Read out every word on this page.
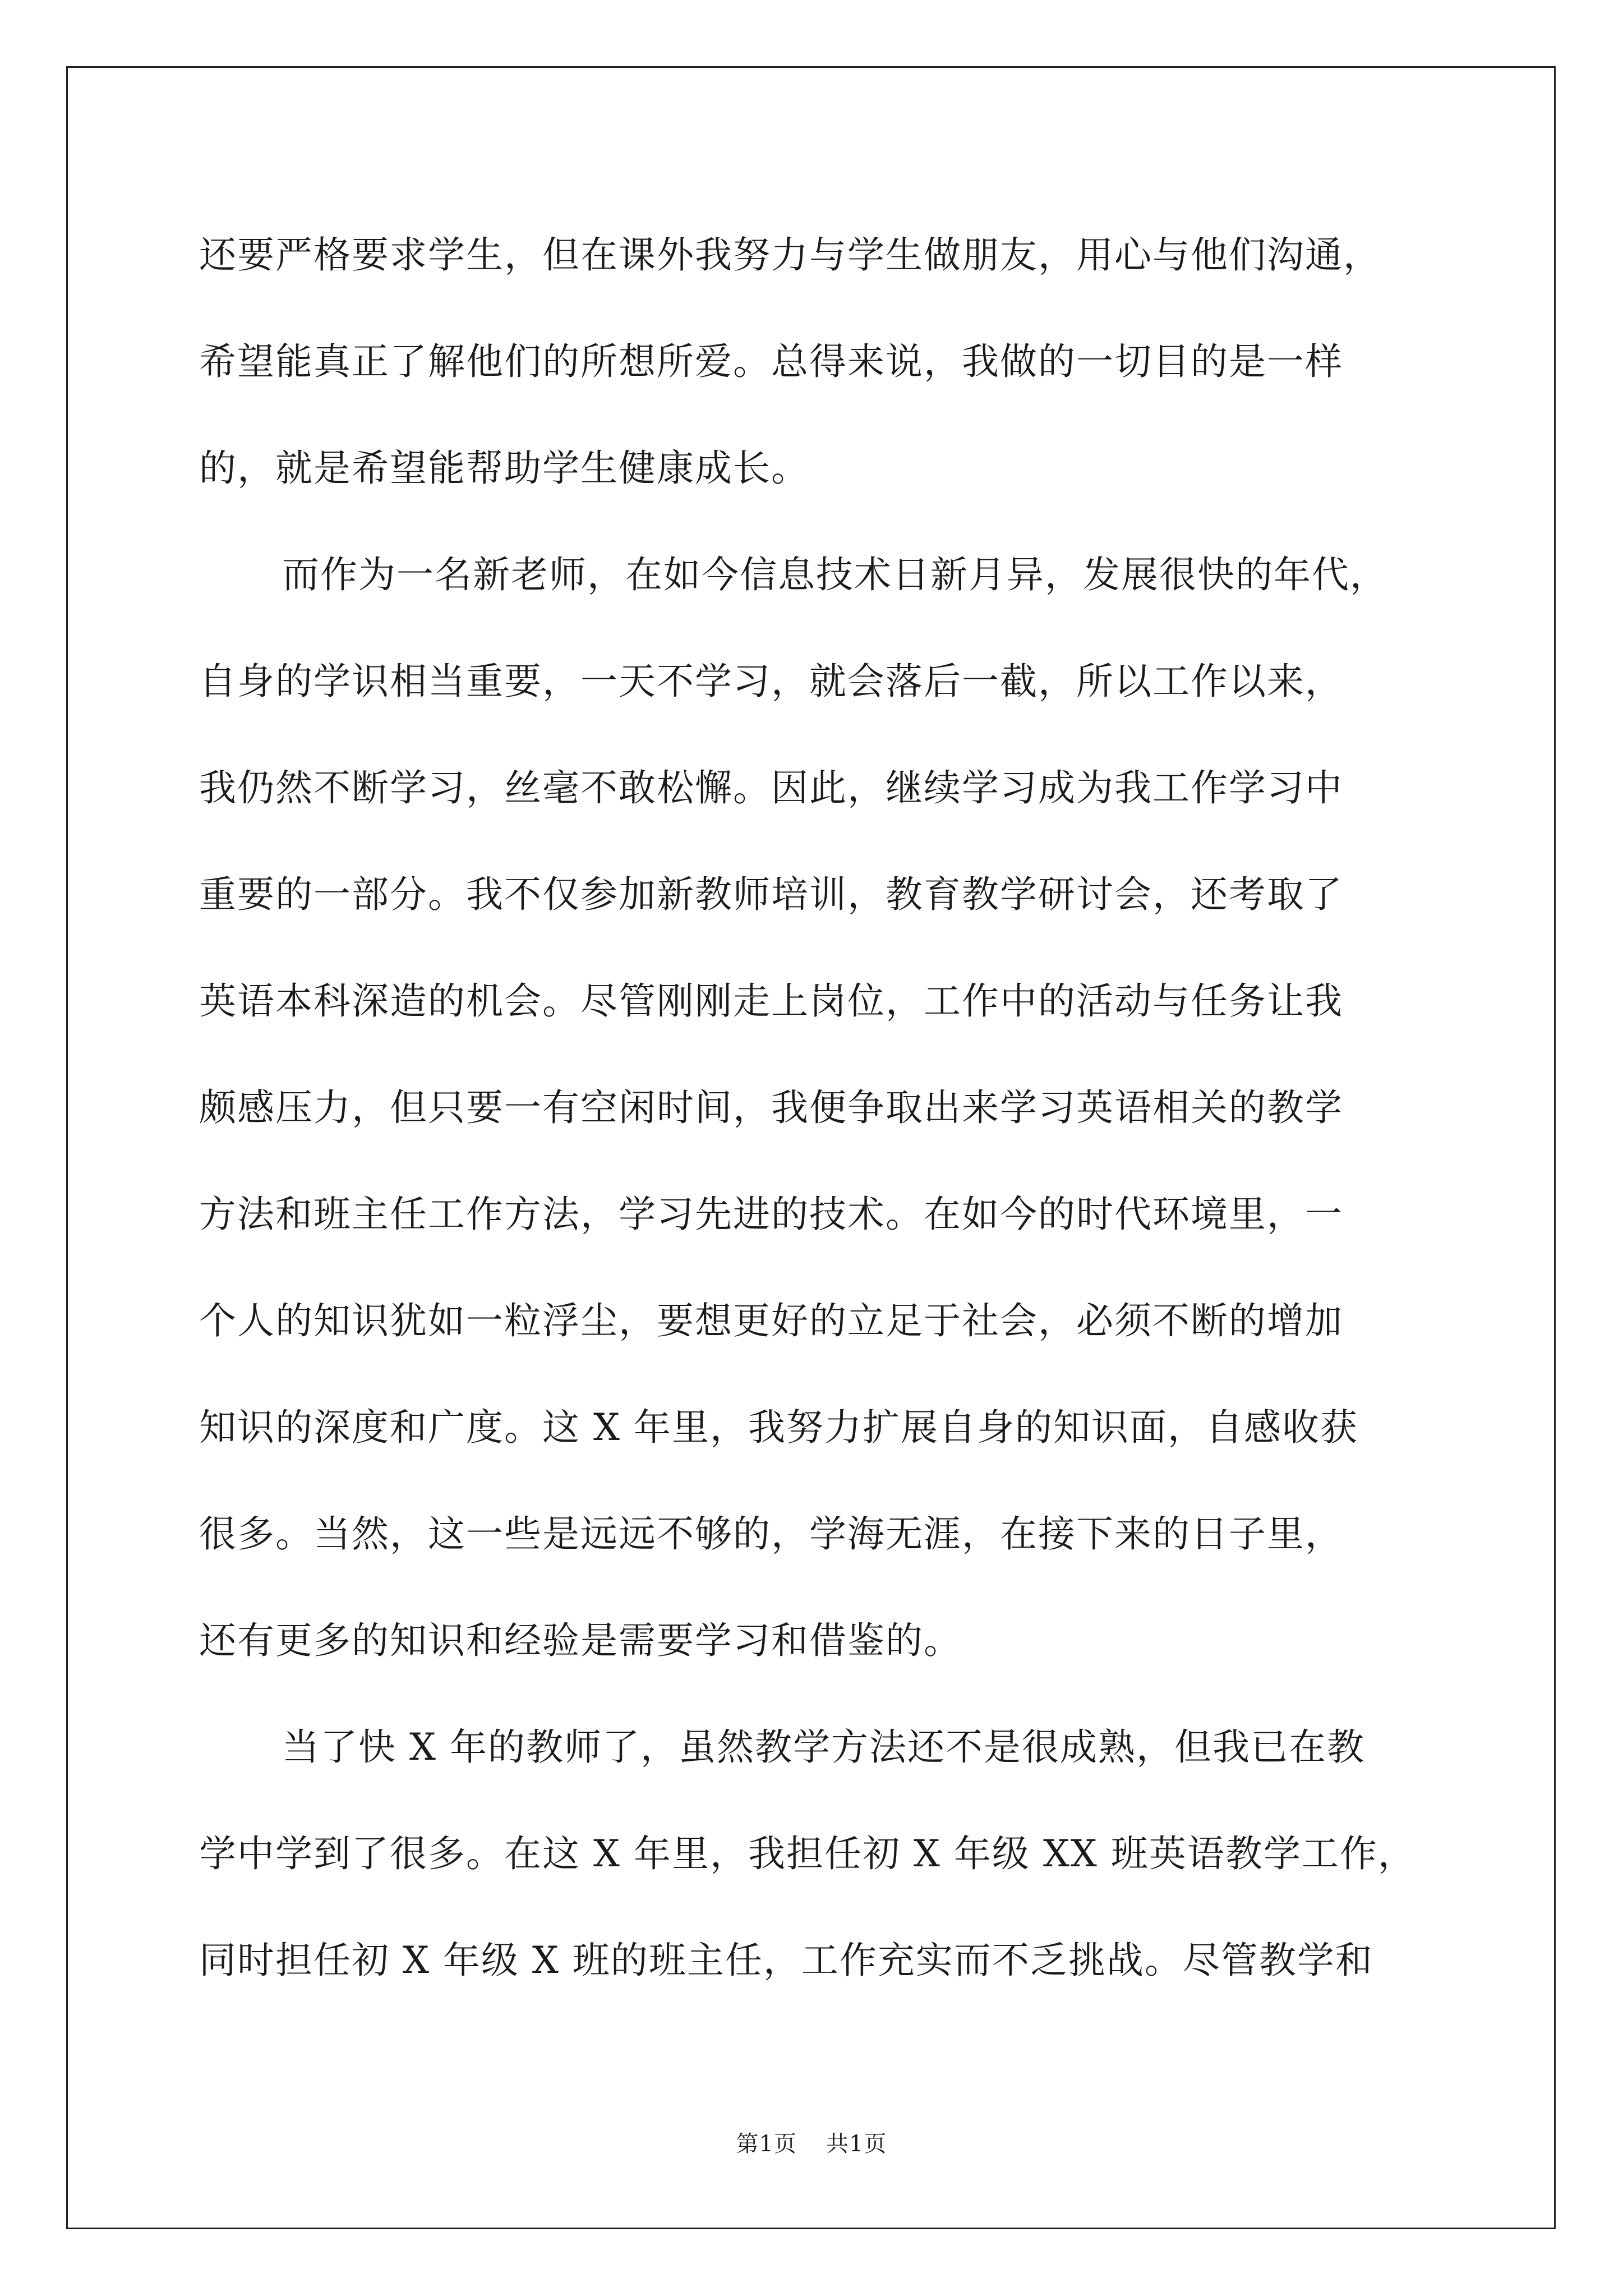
还要严格要求学生，但在课外我努力与学生做朋友，用心与他们沟通，
希望能真正了解他们的所想所爱。总得来说，我做的一切目的是一样
的，就是希望能帮助学生健康成长。
而作为一名新老师，在如今信息技术日新月异，发展很快的年代，
自身的学识相当重要，一天不学习，就会落后一截，所以工作以来，
我仍然不断学习，丝毫不敢松懈。因此，继续学习成为我工作学习中
重要的一部分。我不仅参加新教师培训，教育教学研讨会，还考取了
英语本科深造的机会。尽管刚刚走上岗位，工作中的活动与任务让我
颇感压力，但只要一有空闲时间，我便争取出来学习英语相关的教学
方法和班主任工作方法，学习先进的技术。在如今的时代环境里，一
个人的知识犹如一粒浮尘，要想更好的立足于社会，必须不断的增加
知识的深度和广度。这 X 年里，我努力扩展自身的知识面，自感收获
很多。当然，这一些是远远不够的，学海无涯，在接下来的日子里，
还有更多的知识和经验是需要学习和借鉴的。
当了快 X 年的教师了，虽然教学方法还不是很成熟，但我已在教
学中学到了很多。在这 X 年里，我担任初 X 年级 XX 班英语教学工作，
同时担任初 X 年级 X 班的班主任，工作充实而不乏挑战。尽管教学和
第1页 共1页
